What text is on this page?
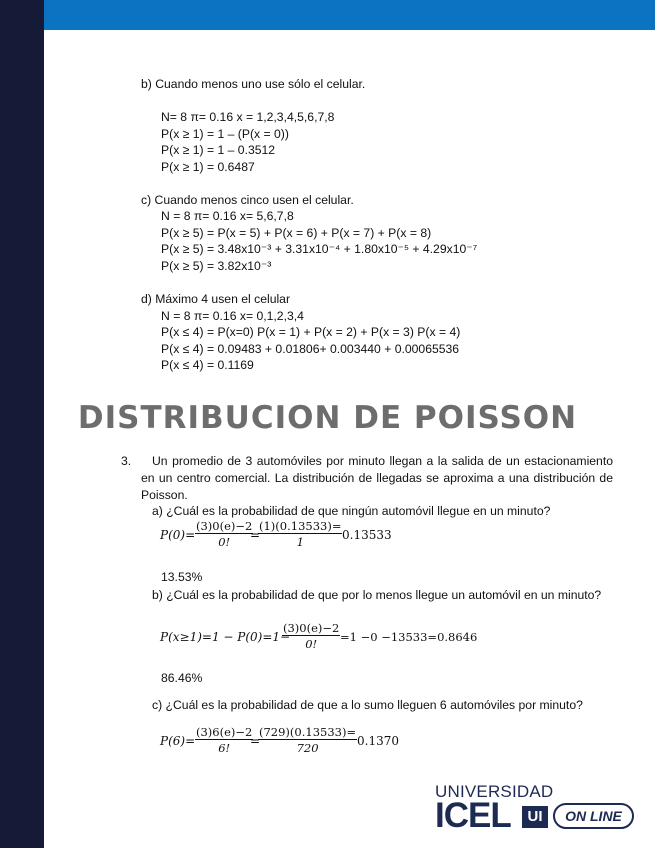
b) Cuando menos uno use sólo el celular.
N= 8 π= 0.16 x = 1,2,3,4,5,6,7,8
P(x ≥ 1) = 1 – (P(x = 0))
P(x ≥ 1) = 1 – 0.3512
P(x ≥ 1) = 0.6487
c) Cuando menos cinco usen el celular.
N = 8 π= 0.16 x= 5,6,7,8
P(x ≥ 5) = P(x = 5) + P(x = 6) + P(x = 7) + P(x = 8)
P(x ≥ 5) = 3.48x10⁻³ + 3.31x10⁻⁴ + 1.80x10⁻⁵ + 4.29x10⁻⁷
P(x ≥ 5) = 3.82x10⁻³
d) Máximo 4 usen el celular
N = 8 π= 0.16 x= 0,1,2,3,4
P(x ≤ 4) = P(x=0) P(x = 1) + P(x = 2) + P(x = 3) P(x = 4)
P(x ≤ 4) = 0.09483 + 0.01806+ 0.003440 + 0.00065536
P(x ≤ 4) = 0.1169
DISTRIBUCION DE POISSON
3.	Un promedio de 3 automóviles por minuto llegan a la salida de un estacionamiento en un centro comercial. La distribución de llegadas se aproxima a una distribución de Poisson.
a) ¿Cuál es la probabilidad de que ningún automóvil llegue en un minuto?
$P(0)= \frac{(3)0(e)-2}{0!}$
=
$\frac{(1)(0.13533)=}{1} 0.13533$
13.53%
b) ¿Cuál es la probabilidad de que por lo menos llegue un automóvil en un minuto?
P(x≥1)=1 − P(0)=1−
$\frac{(3)0(e)-2}{0!} =1 -0 -13533=0.8646$
86.46%
c) ¿Cuál es la probabilidad de que a lo sumo lleguen 6 automóviles por minuto?
$P(6)= \frac{(3)6(e)-2}{6!}$
=
$\frac{(729)(0.13533)=}{720} 0.1370$
UNIVERSIDAD
ICEL	UI	ON LINE
